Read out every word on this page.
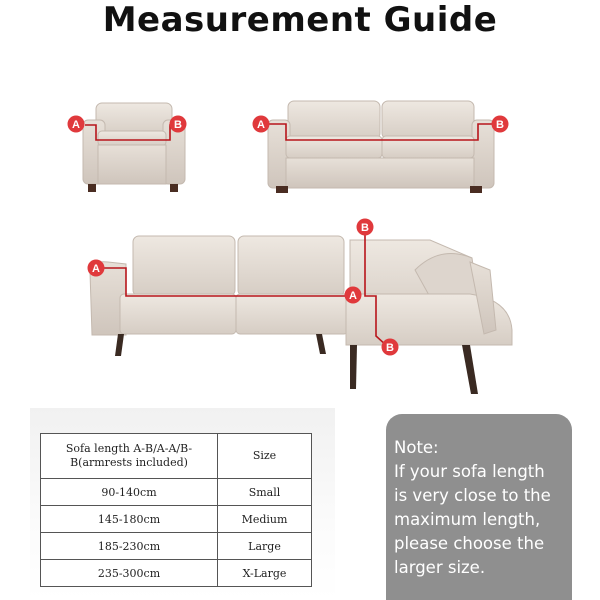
Measurement Guide
A	B	A	B
A
A
B
B
Sofa length A-B/A-A/B-
B(armrests included)	Size
90-140cm	Small
145-180cm	Medium
185-230cm	Large
235-300cm	X-Large
Note:
If your sofa length
is very close to the
maximum length,
please choose the
larger size.
